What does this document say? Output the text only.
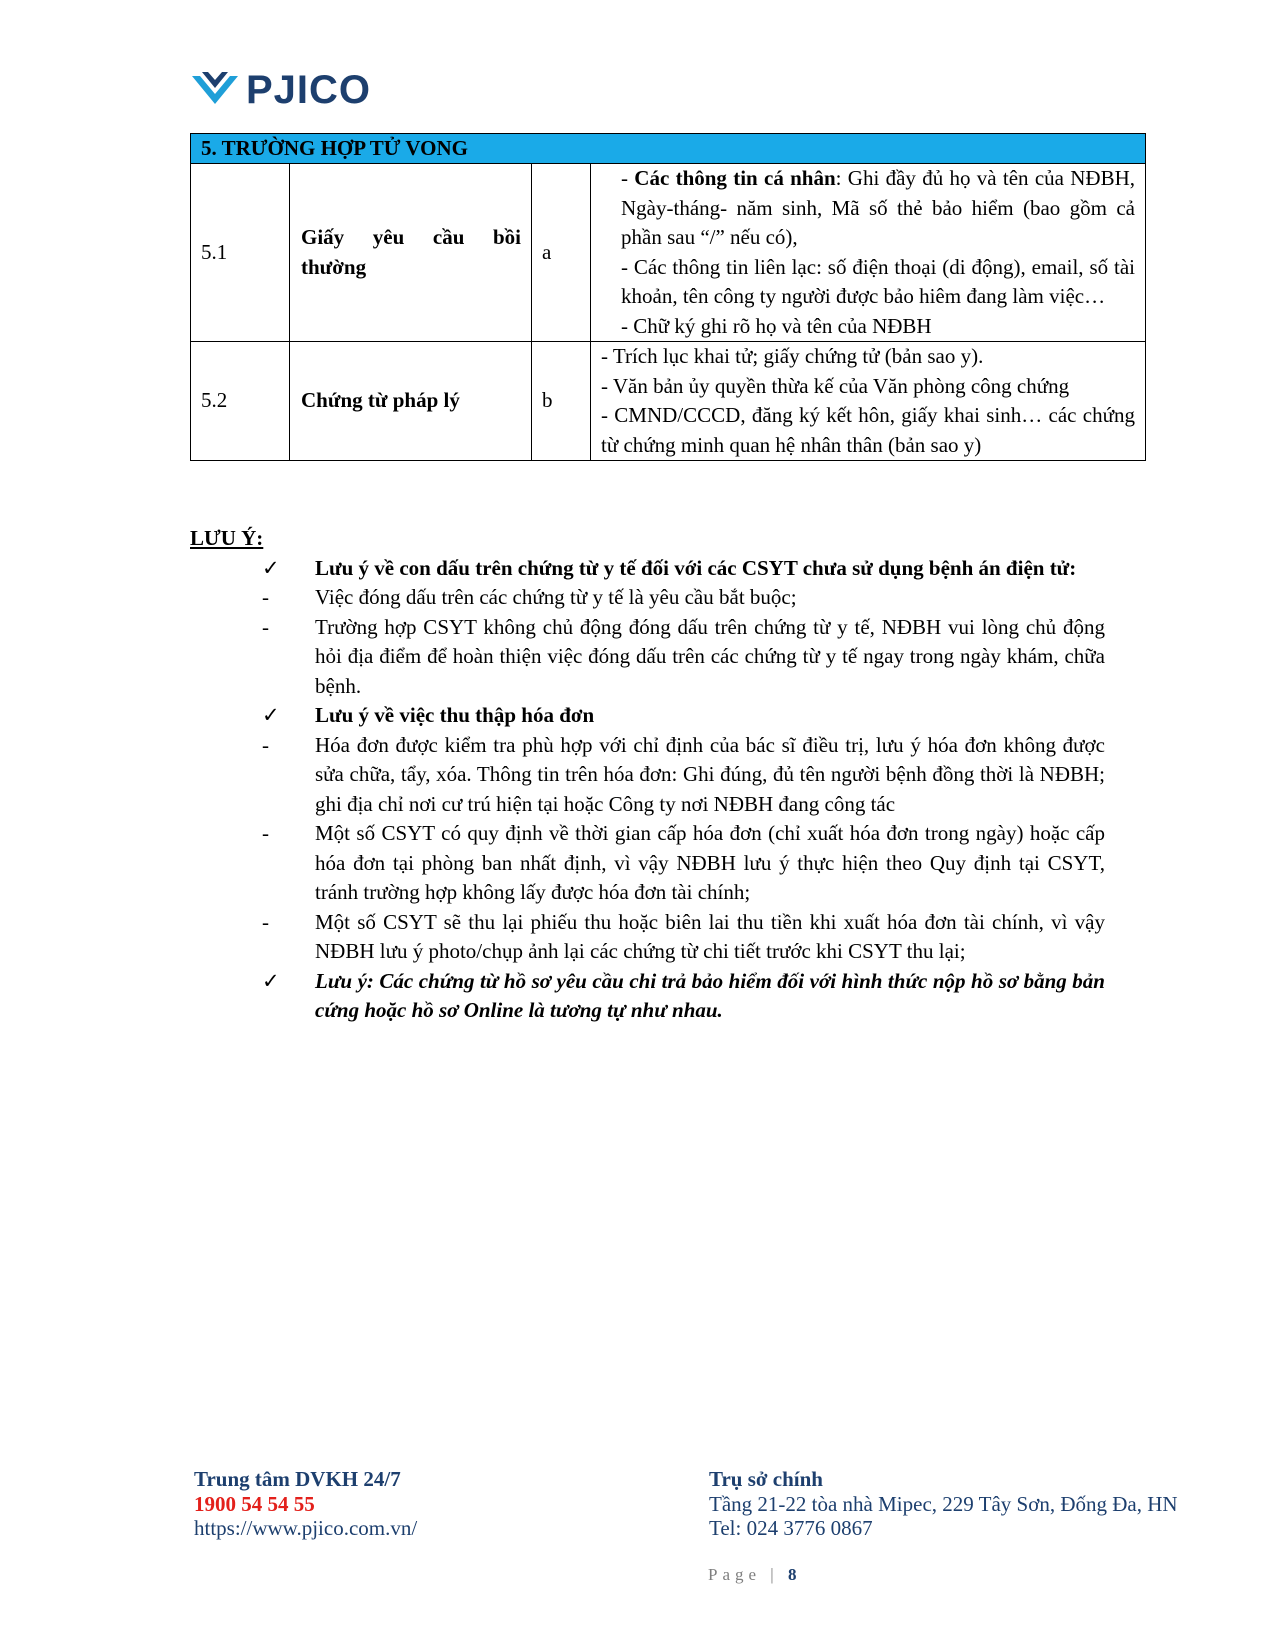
PJICO
5. TRƯỜNG HỢP TỬ VONG			
5.1	Giấy yêu cầu bồi thường	a	- Các thông tin cá nhân: Ghi đầy đủ họ và tên của NĐBH, Ngày-tháng- năm sinh, Mã số thẻ bảo hiểm (bao gồm cả phần sau “/” nếu có),
- Các thông tin liên lạc: số điện thoại (di động), email, số tài khoản, tên công ty người được bảo hiêm đang làm việc…
- Chữ ký ghi rõ họ và tên của NĐBH

5.2	Chứng từ pháp lý	b	- Trích lục khai tử; giấy chứng tử (bản sao y).
- Văn bản ủy quyền thừa kế của Văn phòng công chứng
- CMND/CCCD, đăng ký kết hôn, giấy khai sinh… các chứng từ chứng minh quan hệ nhân thân (bản sao y)
LƯU Ý:
✓	Lưu ý về con dấu trên chứng từ y tế đối với các CSYT chưa sử dụng bệnh án điện tử:
-	Việc đóng dấu trên các chứng từ y tế là yêu cầu bắt buộc;
-	Trường hợp CSYT không chủ động đóng dấu trên chứng từ y tế, NĐBH vui lòng chủ động hỏi địa điểm để hoàn thiện việc đóng dấu trên các chứng từ y tế ngay trong ngày khám, chữa bệnh.
✓	Lưu ý về việc thu thập hóa đơn
-	Hóa đơn được kiểm tra phù hợp với chỉ định của bác sĩ điều trị, lưu ý hóa đơn không được sửa chữa, tẩy, xóa. Thông tin trên hóa đơn: Ghi đúng, đủ tên người bệnh đồng thời là NĐBH; ghi địa chỉ nơi cư trú hiện tại hoặc Công ty nơi NĐBH đang công tác
-	Một số CSYT có quy định về thời gian cấp hóa đơn (chỉ xuất hóa đơn trong ngày) hoặc cấp hóa đơn tại phòng ban nhất định, vì vậy NĐBH lưu ý thực hiện theo Quy định tại CSYT, tránh trường hợp không lấy được hóa đơn tài chính;
-	Một số CSYT sẽ thu lại phiếu thu hoặc biên lai thu tiền khi xuất hóa đơn tài chính, vì vậy NĐBH lưu ý photo/chụp ảnh lại các chứng từ chi tiết trước khi CSYT thu lại;
✓	Lưu ý: Các chứng từ hồ sơ yêu cầu chi trả bảo hiểm đối với hình thức nộp hồ sơ bằng bản cứng hoặc hồ sơ Online là tương tự như nhau.
Trung tâm DVKH 24/7
1900 54 54 55
https://www.pjico.com.vn/
Trụ sở chính
Tầng 21-22 tòa nhà Mipec, 229 Tây Sơn, Đống Đa, HN
Tel: 024 3776 0867
Page | 8
